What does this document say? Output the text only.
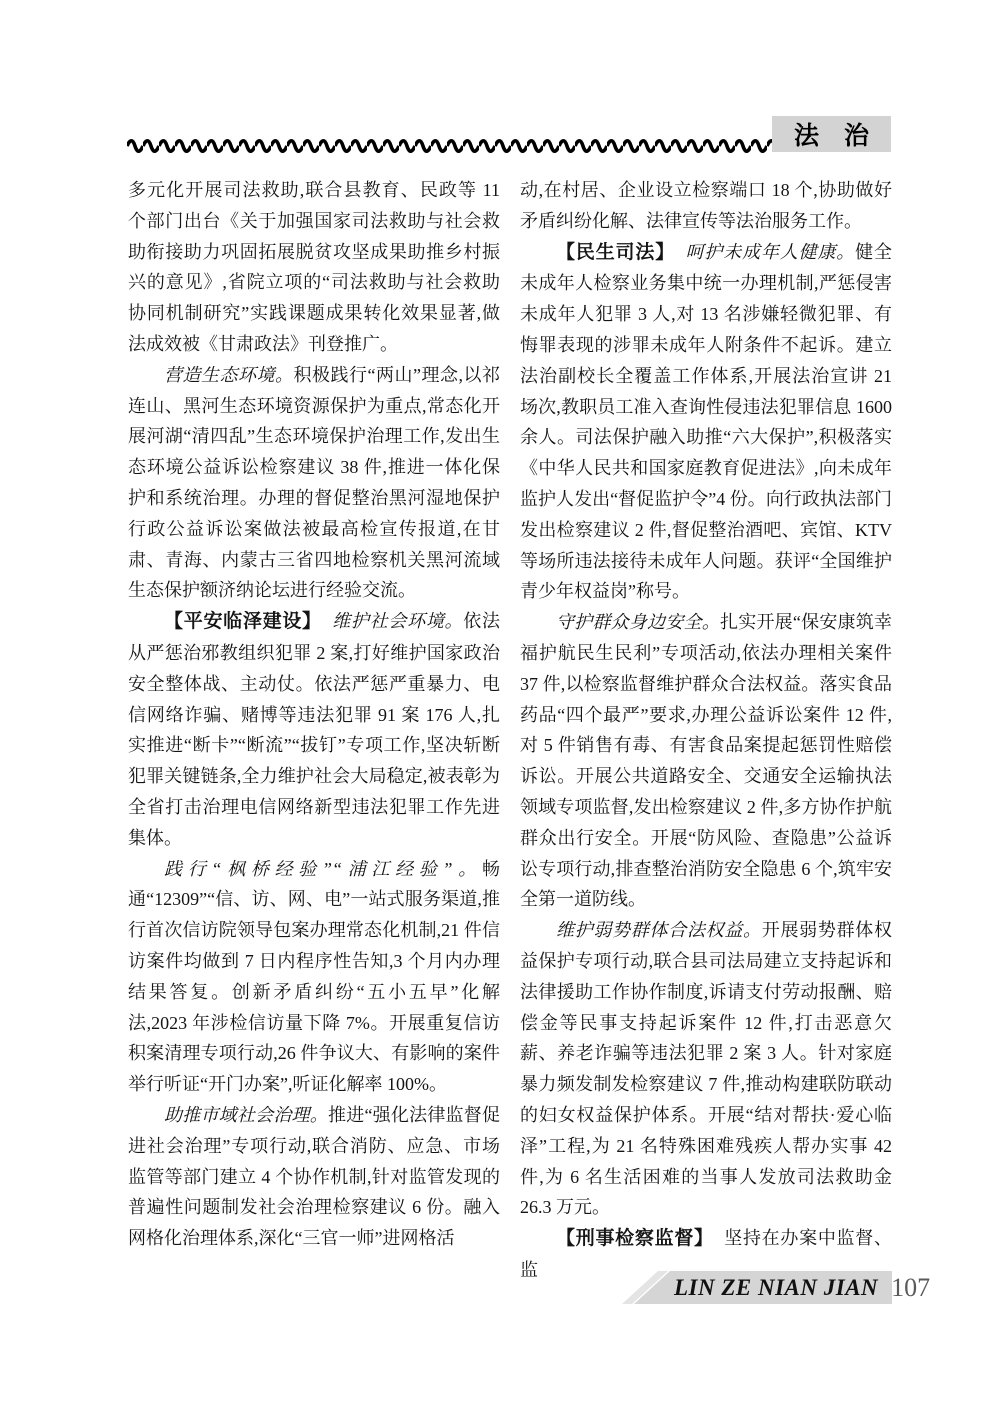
法　治

多元化开展司法救助,联合县教育、民政等 11 个部门出台《关于加强国家司法救助与社会救助衔接助力巩固拓展脱贫攻坚成果助推乡村振兴的意见》,省院立项的“司法救助与社会救助协同机制研究”实践课题成果转化效果显著,做法成效被《甘肃政法》刊登推广。

营造生态环境。积极践行“两山”理念,以祁连山、黑河生态环境资源保护为重点,常态化开展河湖“清四乱”生态环境保护治理工作,发出生态环境公益诉讼检察建议 38 件,推进一体化保护和系统治理。办理的督促整治黑河湿地保护行政公益诉讼案做法被最高检宣传报道,在甘肃、青海、内蒙古三省四地检察机关黑河流域生态保护额济纳论坛进行经验交流。

【平安临泽建设】 维护社会环境。依法从严惩治邪教组织犯罪 2 案,打好维护国家政治安全整体战、主动仗。依法严惩严重暴力、电信网络诈骗、赌博等违法犯罪 91 案 176 人,扎实推进“断卡”“断流”“拔钉”专项工作,坚决斩断犯罪关键链条,全力维护社会大局稳定,被表彰为全省打击治理电信网络新型违法犯罪工作先进集体。

践行“枫桥经验”“浦江经验”。畅通“12309”“信、访、网、电”一站式服务渠道,推行首次信访院领导包案办理常态化机制,21 件信访案件均做到 7 日内程序性告知,3 个月内办理结果答复。创新矛盾纠纷“五小五早”化解法,2023 年涉检信访量下降 7%。开展重复信访积案清理专项行动,26 件争议大、有影响的案件举行听证“开门办案”,听证化解率 100%。

助推市域社会治理。推进“强化法律监督促进社会治理”专项行动,联合消防、应急、市场监管等部门建立 4 个协作机制,针对监管发现的普遍性问题制发社会治理检察建议 6 份。融入网格化治理体系,深化“三官一师”进网格活

动,在村居、企业设立检察端口 18 个,协助做好矛盾纠纷化解、法律宣传等法治服务工作。

【民生司法】 呵护未成年人健康。健全未成年人检察业务集中统一办理机制,严惩侵害未成年人犯罪 3 人,对 13 名涉嫌轻微犯罪、有悔罪表现的涉罪未成年人附条件不起诉。建立法治副校长全覆盖工作体系,开展法治宣讲 21 场次,教职员工准入查询性侵违法犯罪信息 1600 余人。司法保护融入助推“六大保护”,积极落实《中华人民共和国家庭教育促进法》,向未成年监护人发出“督促监护令”4 份。向行政执法部门发出检察建议 2 件,督促整治酒吧、宾馆、KTV 等场所违法接待未成年人问题。获评“全国维护青少年权益岗”称号。

守护群众身边安全。扎实开展“保安康筑幸福护航民生民利”专项活动,依法办理相关案件 37 件,以检察监督维护群众合法权益。落实食品药品“四个最严”要求,办理公益诉讼案件 12 件,对 5 件销售有毒、有害食品案提起惩罚性赔偿诉讼。开展公共道路安全、交通安全运输执法领域专项监督,发出检察建议 2 件,多方协作护航群众出行安全。开展“防风险、查隐患”公益诉讼专项行动,排查整治消防安全隐患 6 个,筑牢安全第一道防线。

维护弱势群体合法权益。开展弱势群体权益保护专项行动,联合县司法局建立支持起诉和法律援助工作协作制度,诉请支付劳动报酬、赔偿金等民事支持起诉案件 12 件,打击恶意欠薪、养老诈骗等违法犯罪 2 案 3 人。针对家庭暴力频发制发检察建议 7 件,推动构建联防联动的妇女权益保护体系。开展“结对帮扶·爱心临泽”工程,为 21 名特殊困难残疾人帮办实事 42 件,为 6 名生活困难的当事人发放司法救助金 26.3 万元。

【刑事检察监督】 坚持在办案中监督、监

LIN ZE NIAN JIAN 107
